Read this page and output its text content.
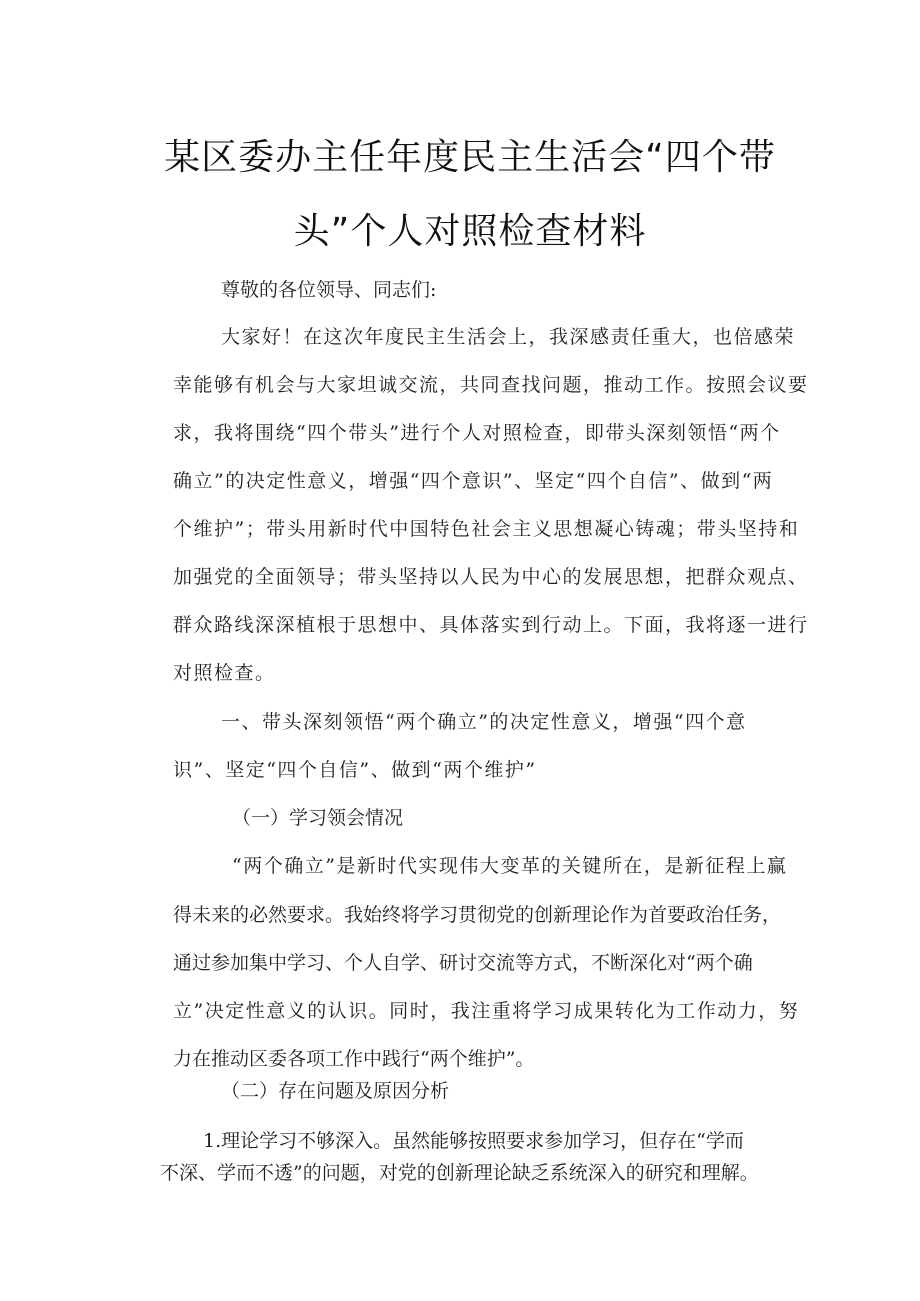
某区委办主任年度民主生活会“四个带
头”个人对照检查材料
尊敬的各位领导、同志们:
大家好！在这次年度民主生活会上，我深感责任重大，也倍感荣
幸能够有机会与大家坦诚交流，共同查找问题，推动工作。按照会议要
求，我将围绕“四个带头”进行个人对照检查，即带头深刻领悟“两个
确立”的决定性意义，增强“四个意识”、坚定“四个自信”、做到“两
个维护”；带头用新时代中国特色社会主义思想凝心铸魂；带头坚持和
加强党的全面领导；带头坚持以人民为中心的发展思想，把群众观点、
群众路线深深植根于思想中、具体落实到行动上。下面，我将逐一进行
对照检查。
一、带头深刻领悟“两个确立”的决定性意义，增强“四个意
识”、坚定“四个自信”、做到“两个维护”
（一）学习领会情况
“两个确立”是新时代实现伟大变革的关键所在，是新征程上赢
得未来的必然要求。我始终将学习贯彻党的创新理论作为首要政治任务，
通过参加集中学习、个人自学、研讨交流等方式，不断深化对“两个确
立”决定性意义的认识。同时，我注重将学习成果转化为工作动力，努
力在推动区委各项工作中践行“两个维护”。
（二）存在问题及原因分析
1.理论学习不够深入。虽然能够按照要求参加学习，但存在“学而
不深、学而不透”的问题，对党的创新理论缺乏系统深入的研究和理解。
